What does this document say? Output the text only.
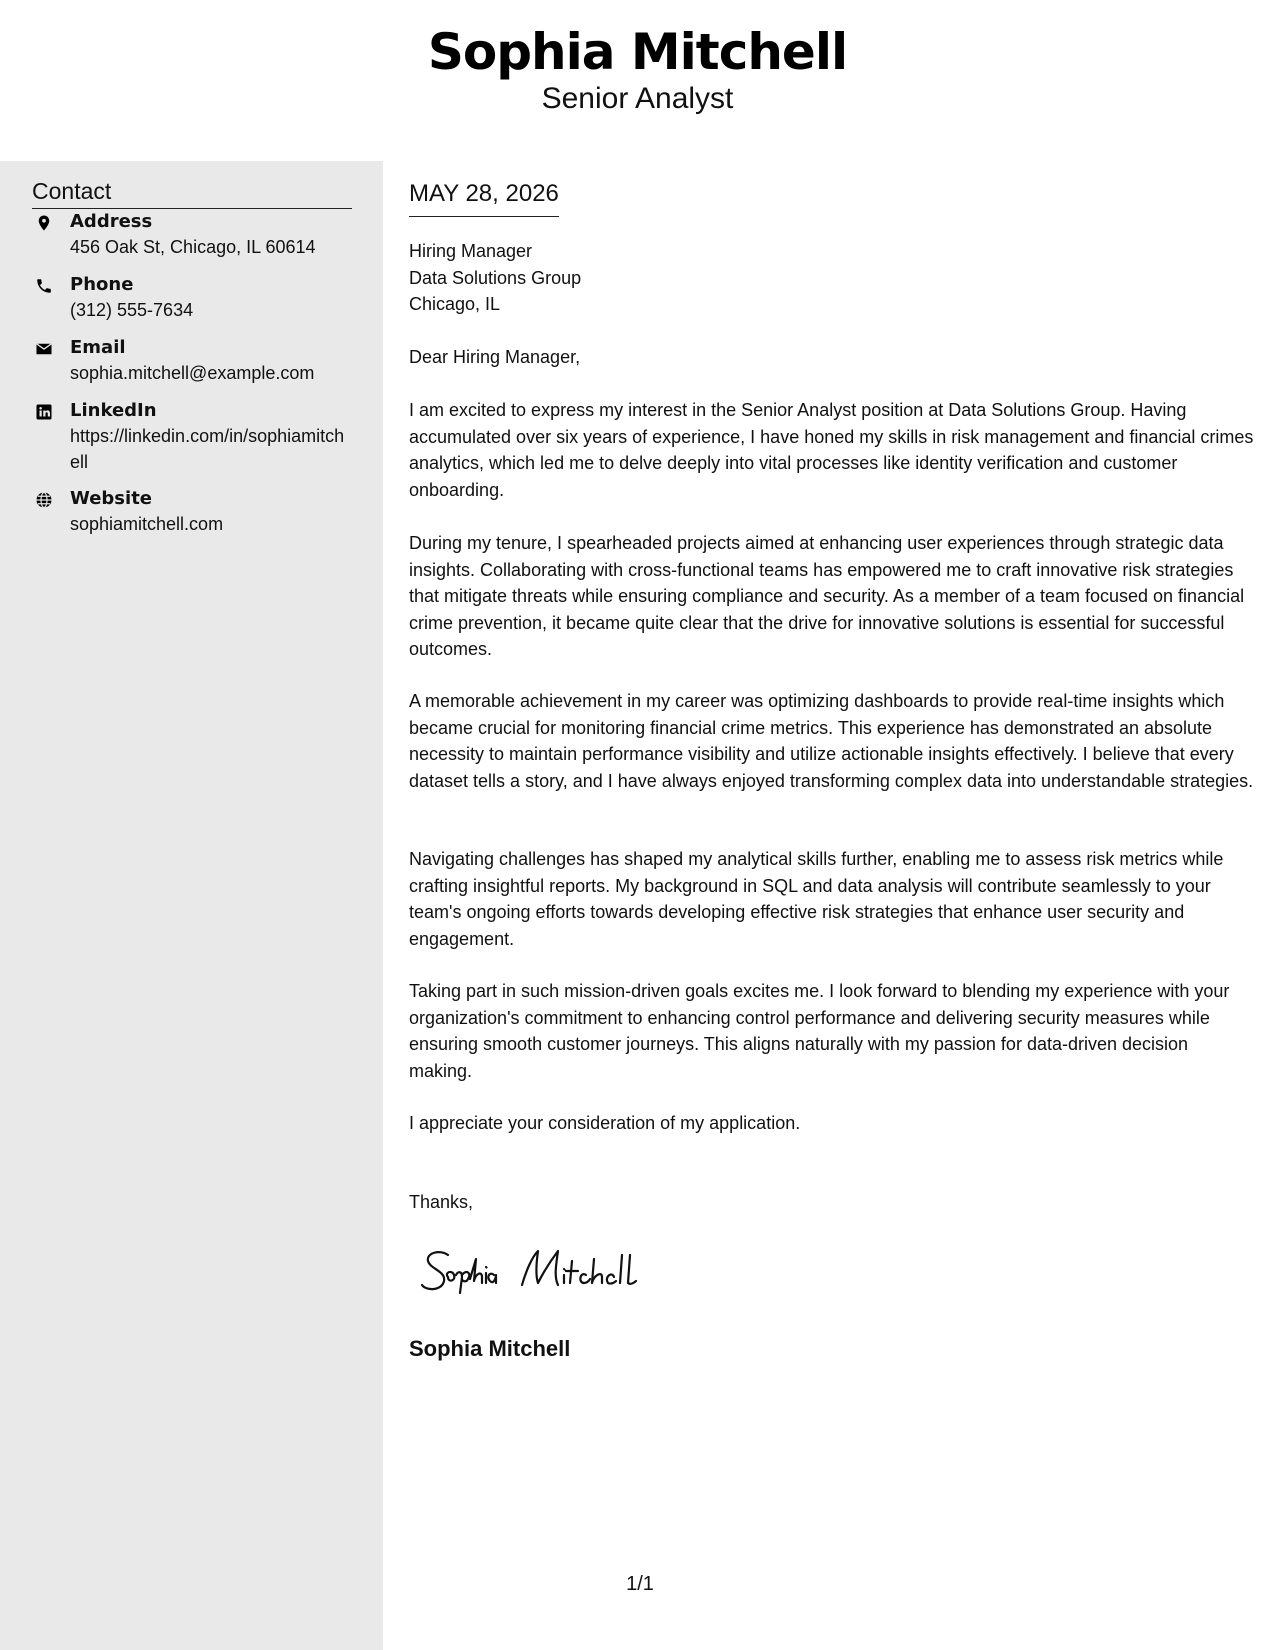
Sophia Mitchell
Senior Analyst
Contact
Address
456 Oak St, Chicago, IL 60614
Phone
(312) 555-7634
Email
sophia.mitchell@example.com
LinkedIn
https://linkedin.com/in/sophiamitchell
Website
sophiamitchell.com
MAY 28, 2026
Hiring Manager
Data Solutions Group
Chicago, IL

Dear Hiring Manager,

I am excited to express my interest in the Senior Analyst position at Data Solutions Group. Having accumulated over six years of experience, I have honed my skills in risk management and financial crimes analytics, which led me to delve deeply into vital processes like identity verification and customer onboarding.

During my tenure, I spearheaded projects aimed at enhancing user experiences through strategic data insights. Collaborating with cross-functional teams has empowered me to craft innovative risk strategies that mitigate threats while ensuring compliance and security. As a member of a team focused on financial crime prevention, it became quite clear that the drive for innovative solutions is essential for successful outcomes.

A memorable achievement in my career was optimizing dashboards to provide real-time insights which became crucial for monitoring financial crime metrics. This experience has demonstrated an absolute necessity to maintain performance visibility and utilize actionable insights effectively. I believe that every dataset tells a story, and I have always enjoyed transforming complex data into understandable strategies.

Navigating challenges has shaped my analytical skills further, enabling me to assess risk metrics while crafting insightful reports. My background in SQL and data analysis will contribute seamlessly to your team's ongoing efforts towards developing effective risk strategies that enhance user security and engagement.

Taking part in such mission-driven goals excites me. I look forward to blending my experience with your organization's commitment to enhancing control performance and delivering security measures while ensuring smooth customer journeys. This aligns naturally with my passion for data-driven decision making.

I appreciate your consideration of my application.

Thanks,

Sophia Mitchell
1/1
